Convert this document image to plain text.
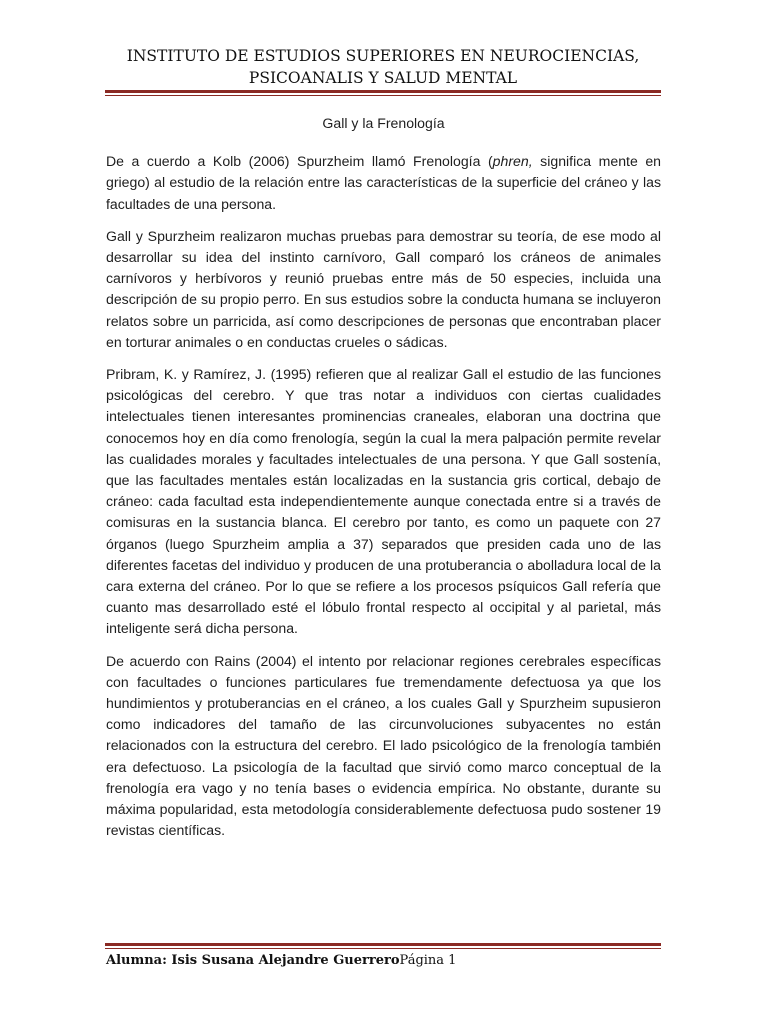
INSTITUTO DE ESTUDIOS SUPERIORES EN NEUROCIENCIAS,
PSICOANALIS Y SALUD MENTAL
Gall y la Frenología

De a cuerdo a Kolb (2006) Spurzheim llamó Frenología (phren, significa mente en griego) al estudio de la relación entre las características de la superficie del cráneo y las facultades de una persona.

Gall y Spurzheim realizaron muchas pruebas para demostrar su teoría, de ese modo al desarrollar su idea del instinto carnívoro, Gall comparó los cráneos de animales carnívoros y herbívoros y reunió pruebas entre más de 50 especies, incluida una descripción de su propio perro. En sus estudios sobre la conducta humana se incluyeron relatos sobre un parricida, así como descripciones de personas que encontraban placer en torturar animales o en conductas crueles o sádicas.

Pribram, K. y Ramírez, J. (1995) refieren que al realizar Gall el estudio de las funciones psicológicas del cerebro. Y que tras notar a individuos con ciertas cualidades intelectuales tienen interesantes prominencias craneales, elaboran una doctrina que conocemos hoy en día como frenología, según la cual la mera palpación permite revelar las cualidades morales y facultades intelectuales de una persona. Y que Gall sostenía, que las facultades mentales están localizadas en la sustancia gris cortical, debajo de cráneo: cada facultad esta independientemente aunque conectada entre si a través de comisuras en la sustancia blanca. El cerebro por tanto, es como un paquete con 27 órganos (luego Spurzheim amplia a 37) separados que presiden cada uno de las diferentes facetas del individuo y producen de una protuberancia o abolladura local de la cara externa del cráneo. Por lo que se refiere a los procesos psíquicos Gall refería que cuanto mas desarrollado esté el lóbulo frontal respecto al occipital y al parietal, más inteligente será dicha persona.

De acuerdo con Rains (2004) el intento por relacionar regiones cerebrales específicas con facultades o funciones particulares fue tremendamente defectuosa ya que los hundimientos y protuberancias en el cráneo, a los cuales Gall y Spurzheim supusieron como indicadores del tamaño de las circunvoluciones subyacentes no están relacionados con la estructura del cerebro. El lado psicológico de la frenología también era defectuoso. La psicología de la facultad que sirvió como marco conceptual de la frenología era vago y no tenía bases o evidencia empírica. No obstante, durante su máxima popularidad, esta metodología considerablemente defectuosa pudo sostener 19 revistas científicas.

Alumna: Isis Susana Alejandre GuerreroPágina 1
